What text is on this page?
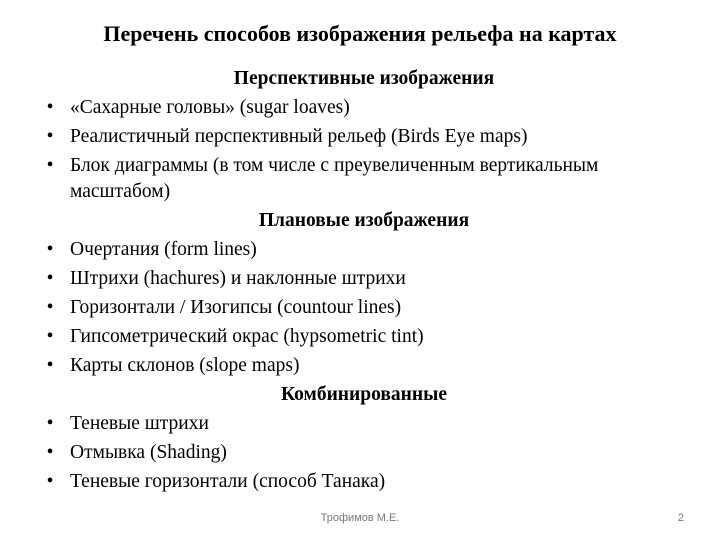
Перечень способов изображения рельефа на картах
Перспективные изображения
• «Сахарные головы» (sugar loaves)
• Реалистичный перспективный рельеф (Birds Eye maps)
• Блок диаграммы (в том числе с преувеличенным вертикальным масштабом)
Плановые изображения
• Очертания (form lines)
• Штрихи (hachures) и наклонные штрихи
• Горизонтали / Изогипсы (countour lines)
• Гипсометрический окрас (hypsometric tint)
• Карты склонов (slope maps)
Комбинированные
• Теневые штрихи
• Отмывка (Shading)
• Теневые горизонтали (способ Танака)
Трофимов М.Е.	2
